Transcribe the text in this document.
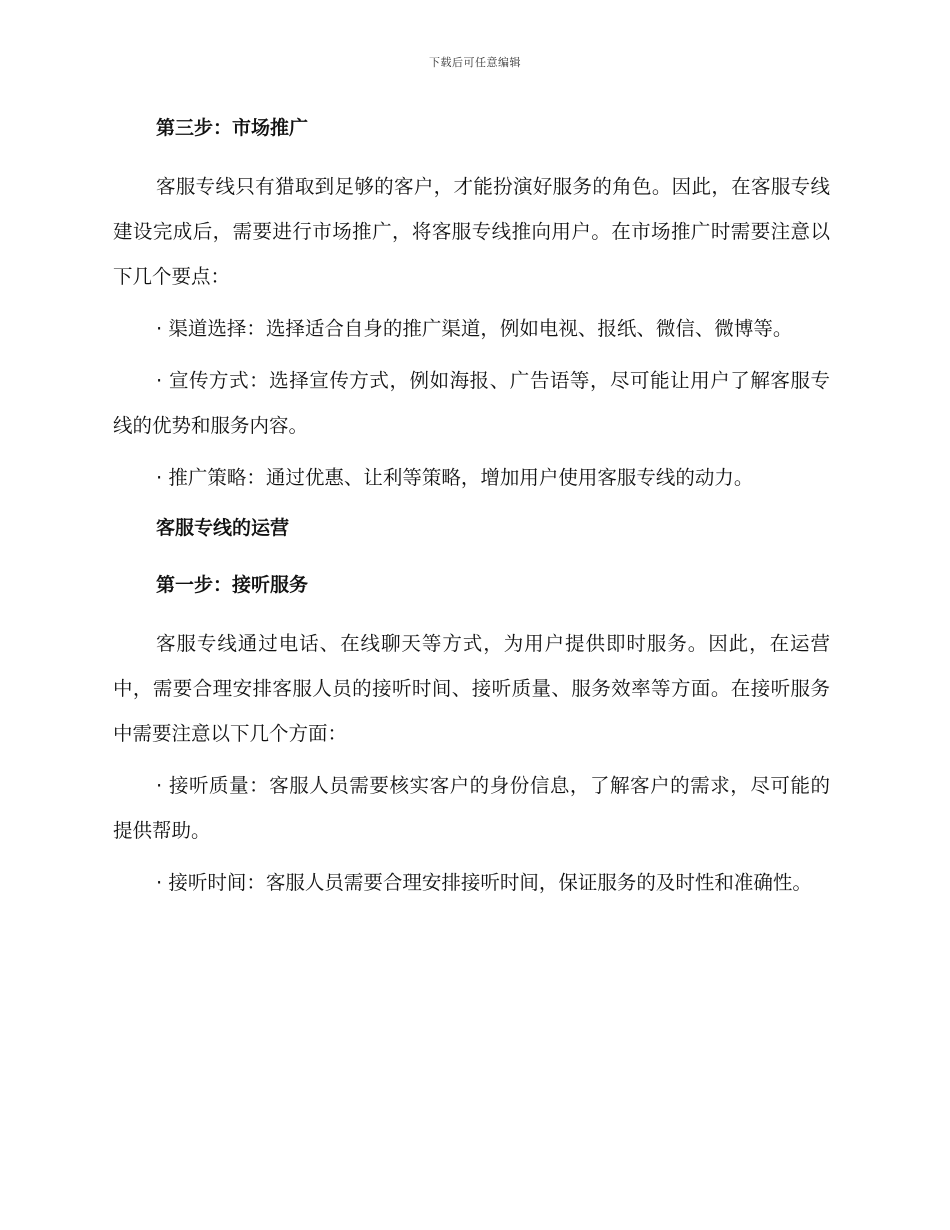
下载后可任意编辑
第三步：市场推广
客服专线只有猎取到足够的客户，才能扮演好服务的角色。因此，在客服专线建设完成后，需要进行市场推广，将客服专线推向用户。在市场推广时需要注意以下几个要点：
· 渠道选择：选择适合自身的推广渠道，例如电视、报纸、微信、微博等。
· 宣传方式：选择宣传方式，例如海报、广告语等，尽可能让用户了解客服专线的优势和服务内容。
· 推广策略：通过优惠、让利等策略，增加用户使用客服专线的动力。
客服专线的运营
第一步：接听服务
客服专线通过电话、在线聊天等方式，为用户提供即时服务。因此，在运营中，需要合理安排客服人员的接听时间、接听质量、服务效率等方面。在接听服务中需要注意以下几个方面：
· 接听质量：客服人员需要核实客户的身份信息，了解客户的需求，尽可能的提供帮助。
· 接听时间：客服人员需要合理安排接听时间，保证服务的及时性和准确性。
